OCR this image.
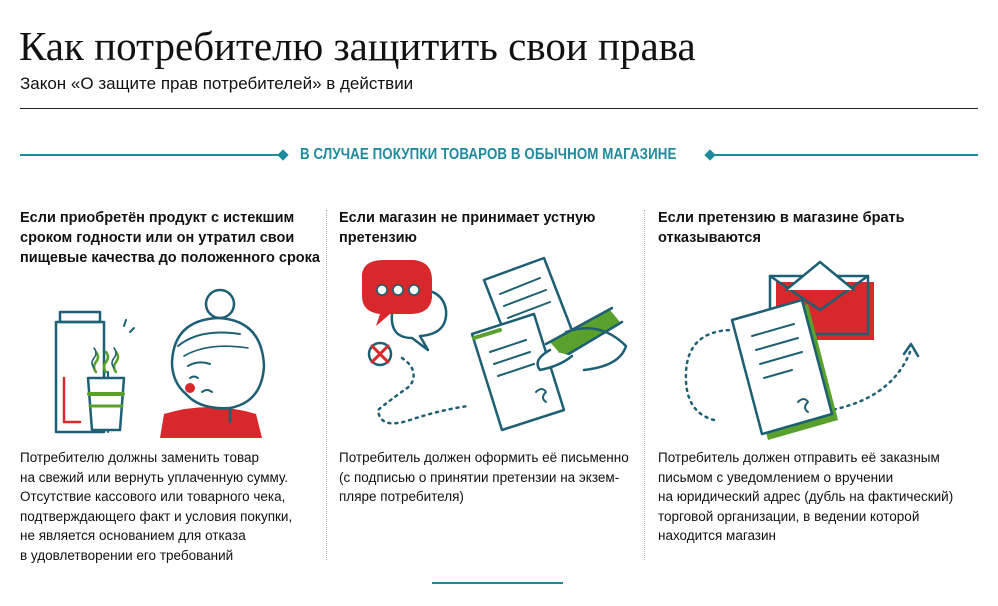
Как потребителю защитить свои права
Закон «О защите прав потребителей» в действии
В СЛУЧАЕ ПОКУПКИ ТОВАРОВ В ОБЫЧНОМ МАГАЗИНЕ
Если приобретён продукт с истекшим
сроком годности или он утратил свои
пищевые качества до положенного срока
Потребителю должны заменить товар
на свежий или вернуть уплаченную сумму.
Отсутствие кассового или товарного чека,
подтверждающего факт и условия покупки,
не является основанием для отказа
в удовлетворении его требований
Если магазин не принимает устную
претензию
Потребитель должен оформить её письменно
(с подписью о принятии претензии на экзем-
пляре потребителя)
Если претензию в магазине брать
отказываются
Потребитель должен отправить её заказным
письмом с уведомлением о вручении
на юридический адрес (дубль на фактический)
торговой организации, в ведении которой
находится магазин
